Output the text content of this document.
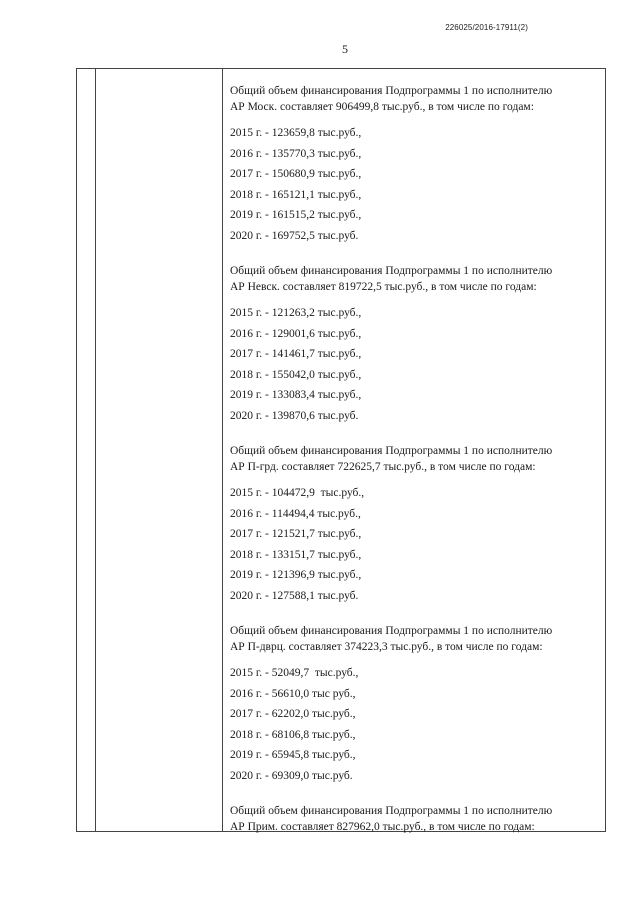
226025/2016-17911(2)
5
Общий объем финансирования Подпрограммы 1 по исполнителю
АР Моск. составляет 906499,8 тыс.руб., в том числе по годам:
2015 г. - 123659,8 тыс.руб.,
2016 г. - 135770,3 тыс.руб.,
2017 г. - 150680,9 тыс.руб.,
2018 г. - 165121,1 тыс.руб.,
2019 г. - 161515,2 тыс.руб.,
2020 г. - 169752,5 тыс.руб.
Общий объем финансирования Подпрограммы 1 по исполнителю
АР Невск. составляет 819722,5 тыс.руб., в том числе по годам:
2015 г. - 121263,2 тыс.руб.,
2016 г. - 129001,6 тыс.руб.,
2017 г. - 141461,7 тыс.руб.,
2018 г. - 155042,0 тыс.руб.,
2019 г. - 133083,4 тыс.руб.,
2020 г. - 139870,6 тыс.руб.
Общий объем финансирования Подпрограммы 1 по исполнителю
АР П-грд. составляет 722625,7 тыс.руб., в том числе по годам:
2015 г. - 104472,9  тыс.руб.,
2016 г. - 114494,4 тыс.руб.,
2017 г. - 121521,7 тыс.руб.,
2018 г. - 133151,7 тыс.руб.,
2019 г. - 121396,9 тыс.руб.,
2020 г. - 127588,1 тыс.руб.
Общий объем финансирования Подпрограммы 1 по исполнителю
АР П-дврц. составляет 374223,3 тыс.руб., в том числе по годам:
2015 г. - 52049,7  тыс.руб.,
2016 г. - 56610,0 тыс руб.,
2017 г. - 62202,0 тыс.руб.,
2018 г. - 68106,8 тыс.руб.,
2019 г. - 65945,8 тыс.руб.,
2020 г. - 69309,0 тыс.руб.
Общий объем финансирования Подпрограммы 1 по исполнителю
АР Прим. составляет 827962,0 тыс.руб., в том числе по годам:
